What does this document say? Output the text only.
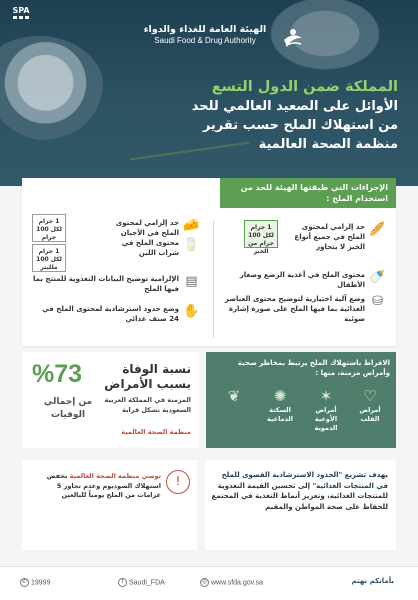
SPA
الهيئة العامة للغذاء والدواء
Saudi Food & Drug Authority
المملكة ضمن الدول التسع
الأوائل على الصعيد العالمي للحد
من استهلاك الملح حسب تقرير
منظمة الصحة العالمية
الإجراءات التي طبقتها الهيئة للحد من استخدام الملح :
🥖
حد إلزامي لمحتوى الملح في جميع أنواع الخبز لا يتجاوز
1 جرام لكل 100 جرام من الخبز
🍼
محتوى الملح في أغذية الرضع وصغار الأطفال
⛁
وضع آلية اختيارية لتوضيح محتوى العناصر الغذائية بما فيها الملح على صورة إشارة ضوئية
🧀
حد إلزامي لمحتوى الملح في الأجبان
🥛
محتوى الملح في شراب اللبن
1 جرام لكل 100 جرام
1 جرام لكل 100 ملليتر
▤
الإلزامية توضيح البيانات التغذوية للمنتج بما فيها الملح
✋
وضع حدود استرشادية لمحتوى الملح في 24 صنف غذائي
%73
من إجمالي الوفيات
نسبة الوفاة بسبب الأمراض
المزمنة في المملكة العربية السعودية تشكل قرابة
منظمة الصحة العالمية
الافراط باستهلاك الملح يرتبط بمخاطر صحية وأمراض مزمنة، منها :
♡
أمراض القلب
✶
أمراض الأوعية الدموية
✺
السكتة الدماغية
❦
!
توصي منظمة الصحة العالمية بخفض استهلاك الصوديوم وعدم تجاوز 5 غرامات من الملح يومياً للبالغين
يهدف تشريع "الحدود الاسترشادية القصوى للملح في المنتجات الغذائية" إلى تحسين القيمة التغذوية للمنتجات الغذائية، وتعزيز أنماط التغذية في المجتمع للحفاظ على صحة المواطن والمقيم
✆ 19999	t Saudi_FDA	◎ www.sfda.gov.sa	بأمانكم نهتم
